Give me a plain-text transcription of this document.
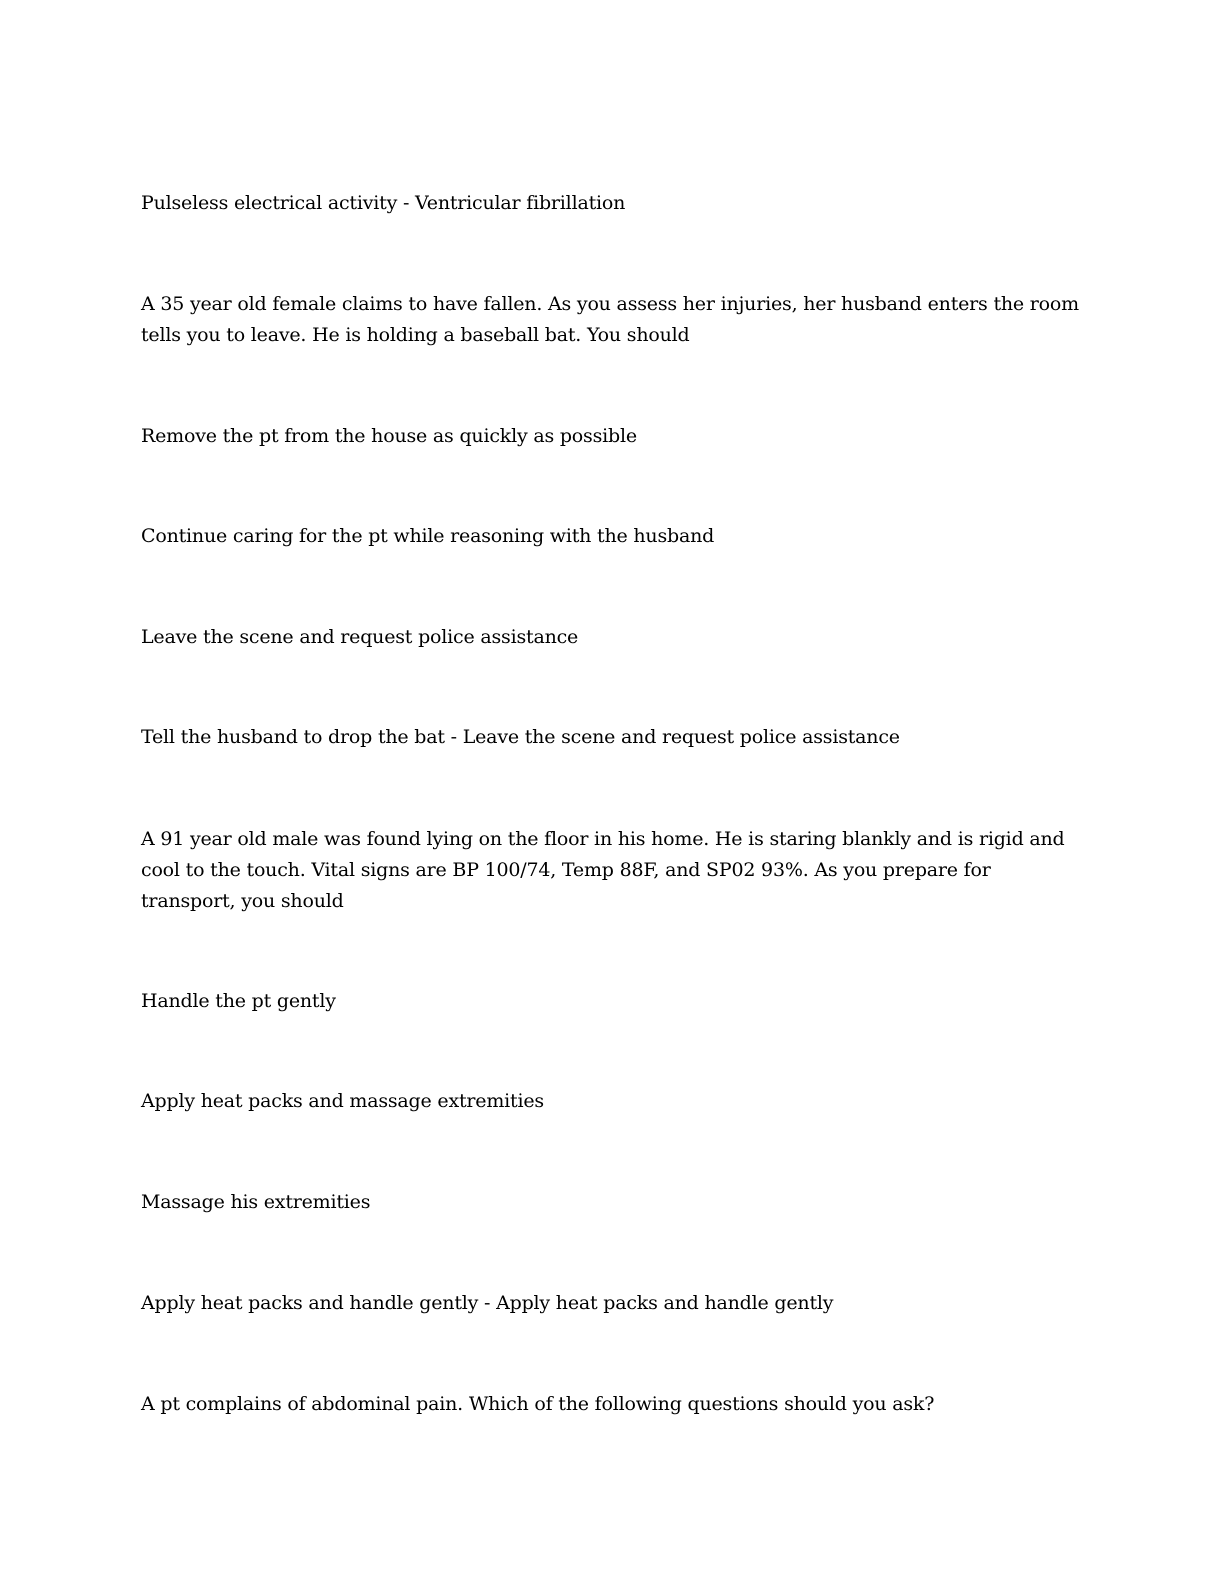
Pulseless electrical activity - Ventricular fibrillation

A 35 year old female claims to have fallen. As you assess her injuries, her husband enters the room tells you to leave. He is holding a baseball bat. You should

Remove the pt from the house as quickly as possible

Continue caring for the pt while reasoning with the husband

Leave the scene and request police assistance

Tell the husband to drop the bat - Leave the scene and request police assistance

A 91 year old male was found lying on the floor in his home. He is staring blankly and is rigid and cool to the touch. Vital signs are BP 100/74, Temp 88F, and SP02 93%. As you prepare for transport, you should

Handle the pt gently

Apply heat packs and massage extremities

Massage his extremities

Apply heat packs and handle gently - Apply heat packs and handle gently

A pt complains of abdominal pain. Which of the following questions should you ask?
